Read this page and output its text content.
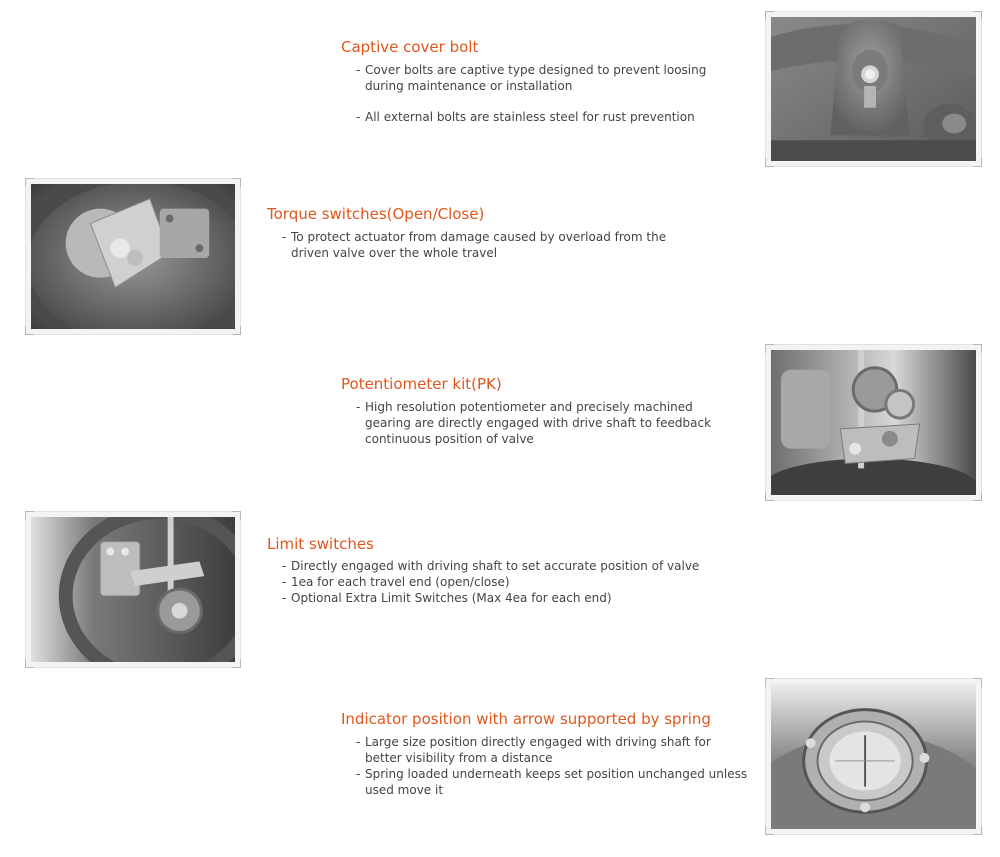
Captive cover bolt
- Cover bolts are captive type designed to prevent loosing during maintenance or installation
- All external bolts are stainless steel for rust prevention
Torque switches(Open/Close)
- To protect actuator from damage caused by overload from the driven valve over the whole travel
Potentiometer kit(PK)
- High resolution potentiometer and precisely machined gearing are directly engaged with drive shaft to feedback continuous position of valve
Limit switches
- Directly engaged with driving shaft to set accurate position of valve
- 1ea for each travel end (open/close)
- Optional Extra Limit Switches (Max 4ea for each end)
Indicator position with arrow supported by spring
- Large size position directly engaged with driving shaft for better visibility from a distance
- Spring loaded underneath keeps set position unchanged unless used move it
